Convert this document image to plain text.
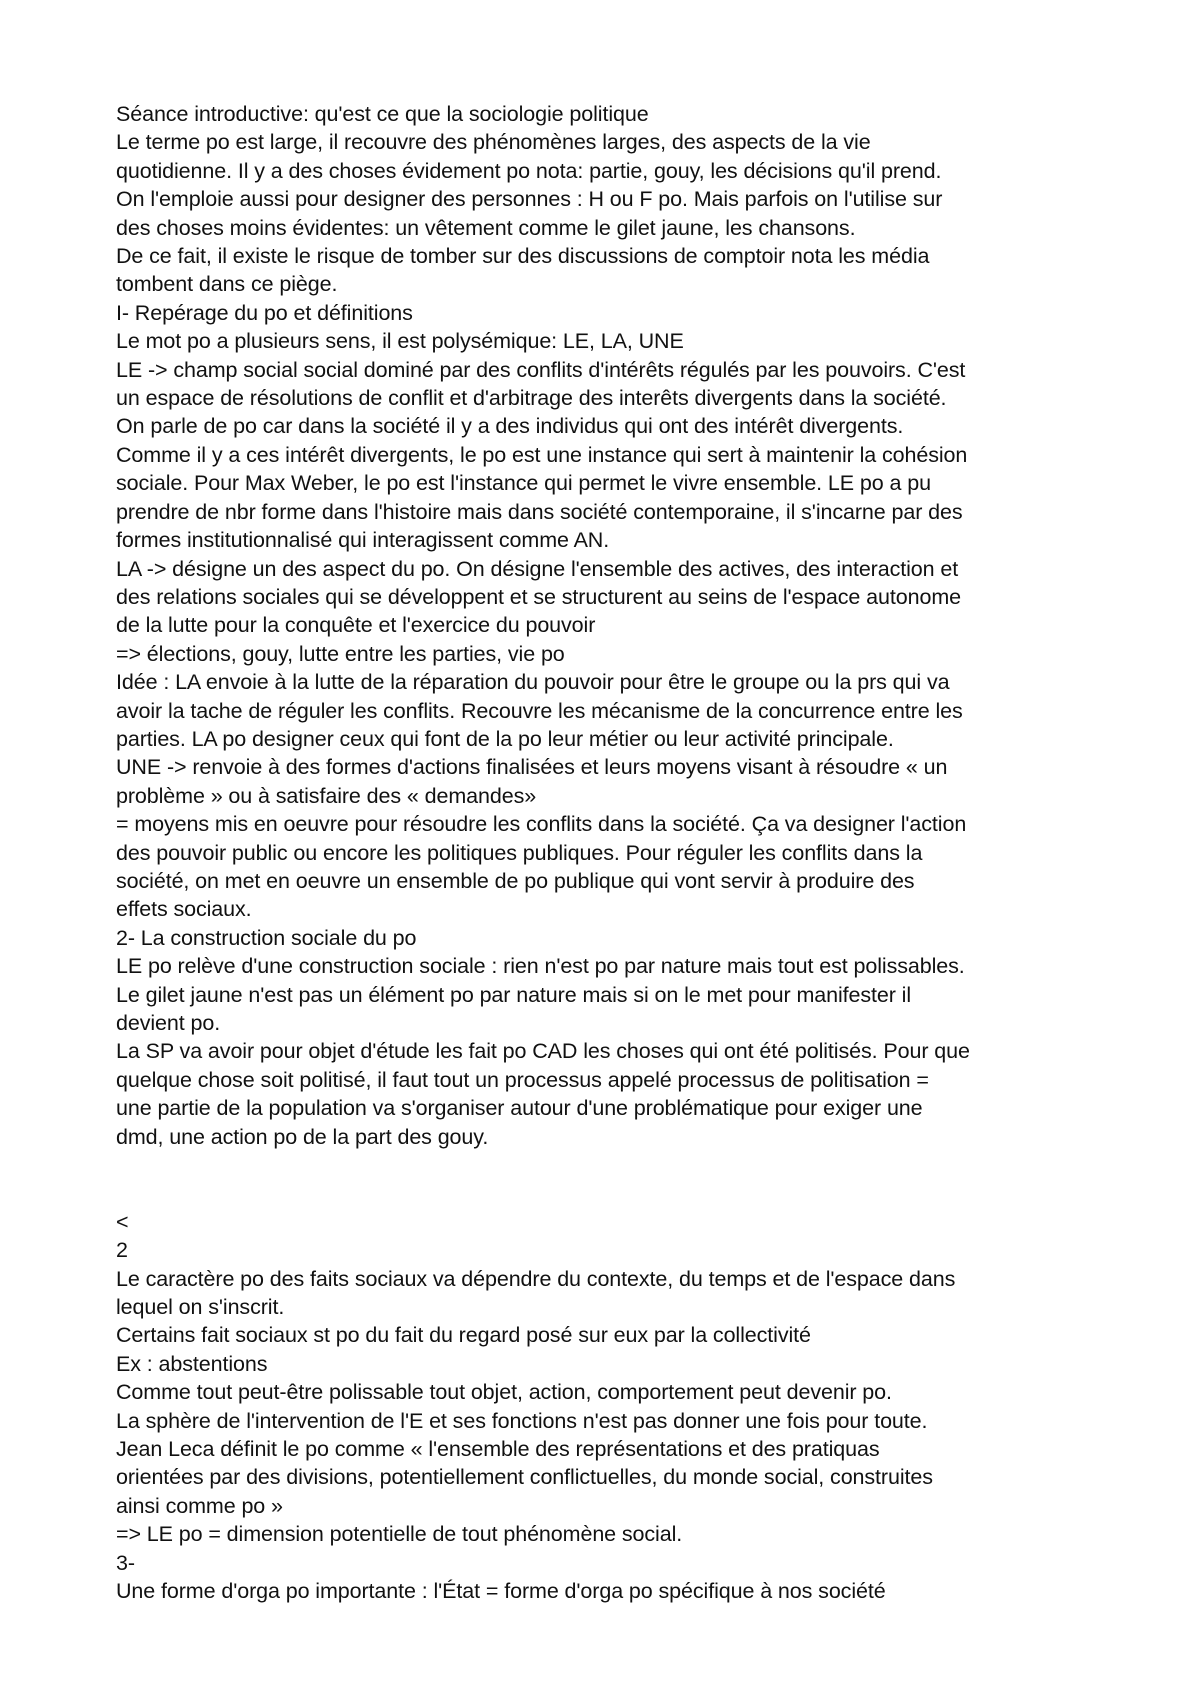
Séance introductive: qu'est ce que la sociologie politique
Le terme po est large, il recouvre des phénomènes larges, des aspects de la vie
quotidienne. Il y a des choses évidement po nota: partie, gouy, les décisions qu'il prend.
On l'emploie aussi pour designer des personnes : H ou F po. Mais parfois on l'utilise sur
des choses moins évidentes: un vêtement comme le gilet jaune, les chansons.
De ce fait, il existe le risque de tomber sur des discussions de comptoir nota les média
tombent dans ce piège.
I- Repérage du po et définitions
Le mot po a plusieurs sens, il est polysémique: LE, LA, UNE
LE -> champ social social dominé par des conflits d'intérêts régulés par les pouvoirs. C'est
un espace de résolutions de conflit et d'arbitrage des interêts divergents dans la société.
On parle de po car dans la société il y a des individus qui ont des intérêt divergents.
Comme il y a ces intérêt divergents, le po est une instance qui sert à maintenir la cohésion
sociale. Pour Max Weber, le po est l'instance qui permet le vivre ensemble. LE po a pu
prendre de nbr forme dans l'histoire mais dans société contemporaine, il s'incarne par des
formes institutionnalisé qui interagissent comme AN.
LA -> désigne un des aspect du po. On désigne l'ensemble des actives, des interaction et
des relations sociales qui se développent et se structurent au seins de l'espace autonome
de la lutte pour la conquête et l'exercice du pouvoir
=> élections, gouy, lutte entre les parties, vie po
Idée : LA envoie à la lutte de la réparation du pouvoir pour être le groupe ou la prs qui va
avoir la tache de réguler les conflits. Recouvre les mécanisme de la concurrence entre les
parties. LA po designer ceux qui font de la po leur métier ou leur activité principale.
UNE -> renvoie à des formes d'actions finalisées et leurs moyens visant à résoudre « un
problème » ou à satisfaire des « demandes»
= moyens mis en oeuvre pour résoudre les conflits dans la société. Ça va designer l'action
des pouvoir public ou encore les politiques publiques. Pour réguler les conflits dans la
société, on met en oeuvre un ensemble de po publique qui vont servir à produire des
effets sociaux.
2- La construction sociale du po
LE po relève d'une construction sociale : rien n'est po par nature mais tout est polissables.
Le gilet jaune n'est pas un élément po par nature mais si on le met pour manifester il
devient po.
La SP va avoir pour objet d'étude les fait po CAD les choses qui ont été politisés. Pour que
quelque chose soit politisé, il faut tout un processus appelé processus de politisation =
une partie de la population va s'organiser autour d'une problématique pour exiger une
dmd, une action po de la part des gouy.
<
2
Le caractère po des faits sociaux va dépendre du contexte, du temps et de l'espace dans
lequel on s'inscrit.
Certains fait sociaux st po du fait du regard posé sur eux par la collectivité
Ex : abstentions
Comme tout peut-être polissable tout objet, action, comportement peut devenir po.
La sphère de l'intervention de l'E et ses fonctions n'est pas donner une fois pour toute.
Jean Leca définit le po comme « l'ensemble des représentations et des pratiquas
orientées par des divisions, potentiellement conflictuelles, du monde social, construites
ainsi comme po »
=> LE po = dimension potentielle de tout phénomène social.
3-
Une forme d'orga po importante : l'État = forme d'orga po spécifique à nos société
